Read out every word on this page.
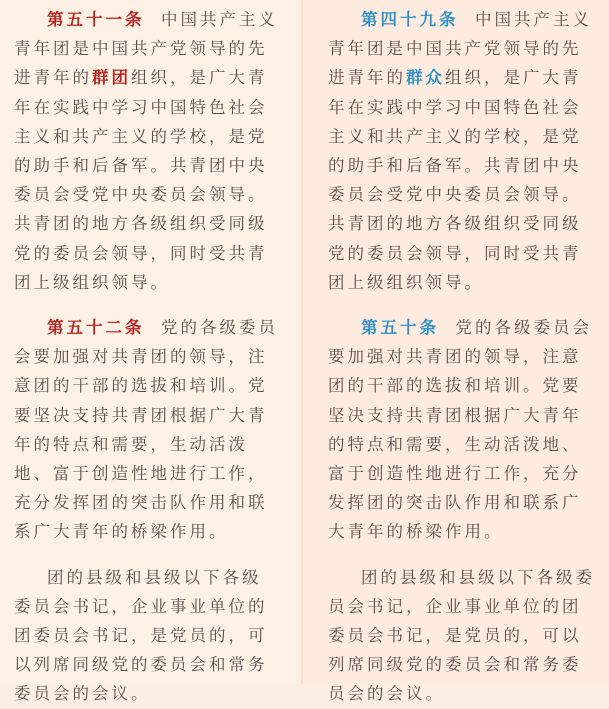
第五十一条 中国共产主义青年团是中国共产党领导的先进青年的群团组织，是广大青年在实践中学习中国特色社会主义和共产主义的学校，是党的助手和后备军。共青团中央委员会受党中央委员会领导。共青团的地方各级组织受同级党的委员会领导，同时受共青团上级组织领导。

第五十二条 党的各级委员会要加强对共青团的领导，注意团的干部的选拔和培训。党要坚决支持共青团根据广大青年的特点和需要，生动活泼地、富于创造性地进行工作，充分发挥团的突击队作用和联系广大青年的桥梁作用。

团的县级和县级以下各级委员会书记，企业事业单位的团委员会书记，是党员的，可以列席同级党的委员会和常务委员会的会议。

第四十九条 中国共产主义青年团是中国共产党领导的先进青年的群众组织，是广大青年在实践中学习中国特色社会主义和共产主义的学校，是党的助手和后备军。共青团中央委员会受党中央委员会领导。共青团的地方各级组织受同级党的委员会领导，同时受共青团上级组织领导。

第五十条 党的各级委员会要加强对共青团的领导，注意团的干部的选拔和培训。党要坚决支持共青团根据广大青年的特点和需要，生动活泼地、富于创造性地进行工作，充分发挥团的突击队作用和联系广大青年的桥梁作用。

团的县级和县级以下各级委员会书记，企业事业单位的团委员会书记，是党员的，可以列席同级党的委员会和常务委员会的会议。
